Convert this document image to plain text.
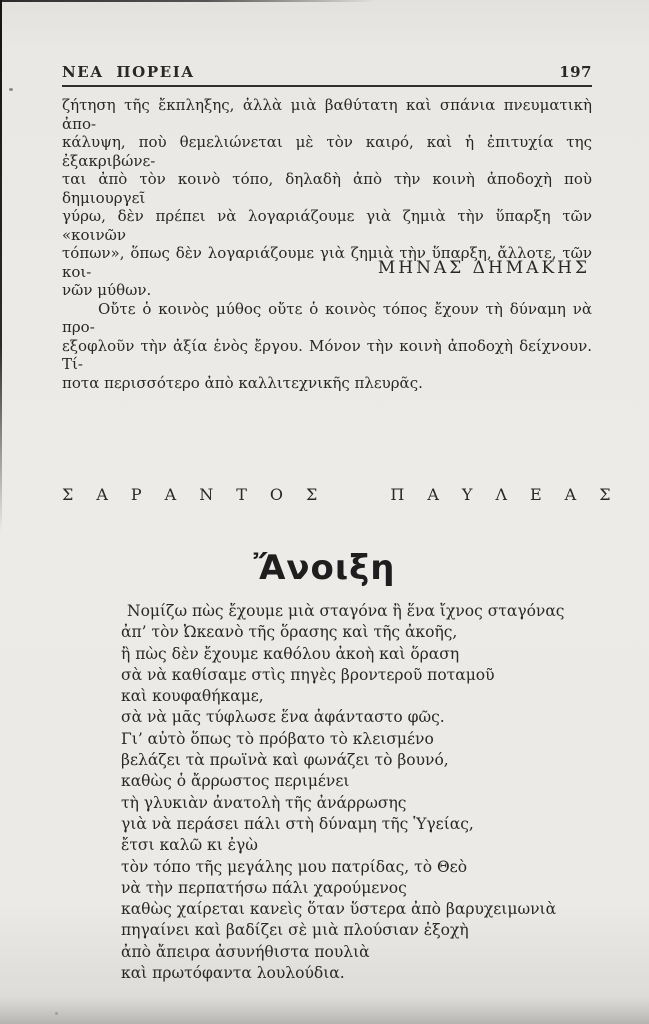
ΝΕΑ ΠΟΡΕΙΑ	197
ζήτηση τῆς ἔκπληξης, ἀλλὰ μιὰ βαθύτατη καὶ σπάνια πνευματικὴ ἀπο-
κάλυψη, ποὺ θεμελιώνεται μὲ τὸν καιρό, καὶ ἡ ἐπιτυχία της ἐξακριβώνε-
ται ἀπὸ τὸν κοινὸ τόπο, δηλαδὴ ἀπὸ τὴν κοινὴ ἀποδοχὴ ποὺ δημιουργεῖ
γύρω, δὲν πρέπει νὰ λογαριάζουμε γιὰ ζημιὰ τὴν ὕπαρξη τῶν «κοινῶν
τόπων», ὅπως δὲν λογαριάζουμε γιὰ ζημιὰ τὴν ὕπαρξη, ἄλλοτε, τῶν κοι-
νῶν μύθων.
Οὔτε ὁ κοινὸς μύθος οὔτε ὁ κοινὸς τόπος ἔχουν τὴ δύναμη νὰ προ-
εξοφλοῦν τὴν ἀξία ἑνὸς ἔργου. Μόνον τὴν κοινὴ ἀποδοχὴ δείχνουν. Τί-
ποτα περισσότερο ἀπὸ καλλιτεχνικῆς πλευρᾶς.
ΜΗΝΑΣ ΔΗΜΑΚΗΣ
ΣΑΡΑΝΤΟΣ ΠΑΥΛΕΑΣ
Ἄνοιξη
Νομίζω πὼς ἔχουμε μιὰ σταγόνα ἢ ἕνα ἴχνος σταγόνας
ἀπ’ τὸν Ὠκεανὸ τῆς ὅρασης καὶ τῆς ἀκοῆς,
ἢ πὼς δὲν ἔχουμε καθόλου ἀκοὴ καὶ ὅραση
σὰ νὰ καθίσαμε στὶς πηγὲς βροντεροῦ ποταμοῦ
καὶ κουφαθήκαμε,
σὰ νὰ μᾶς τύφλωσε ἕνα ἀφάνταστο φῶς.
Γι’ αὐτὸ ὅπως τὸ πρόβατο τὸ κλεισμένο
βελάζει τὰ πρωϊνὰ καὶ φωνάζει τὸ βουνό,
καθὼς ὁ ἄρρωστος περιμένει
τὴ γλυκιὰν ἀνατολὴ τῆς ἀνάρρωσης
γιὰ νὰ περάσει πάλι στὴ δύναμη τῆς Ὑγείας,
ἔτσι καλῶ κι ἐγὼ
τὸν τόπο τῆς μεγάλης μου πατρίδας, τὸ Θεὸ
νὰ τὴν περπατήσω πάλι χαρούμενος
καθὼς χαίρεται κανεὶς ὅταν ὕστερα ἀπὸ βαρυχειμωνιὰ
πηγαίνει καὶ βαδίζει σὲ μιὰ πλούσιαν ἐξοχὴ
ἀπὸ ἄπειρα ἀσυνήθιστα πουλιὰ
καὶ πρωτόφαντα λουλούδια.
